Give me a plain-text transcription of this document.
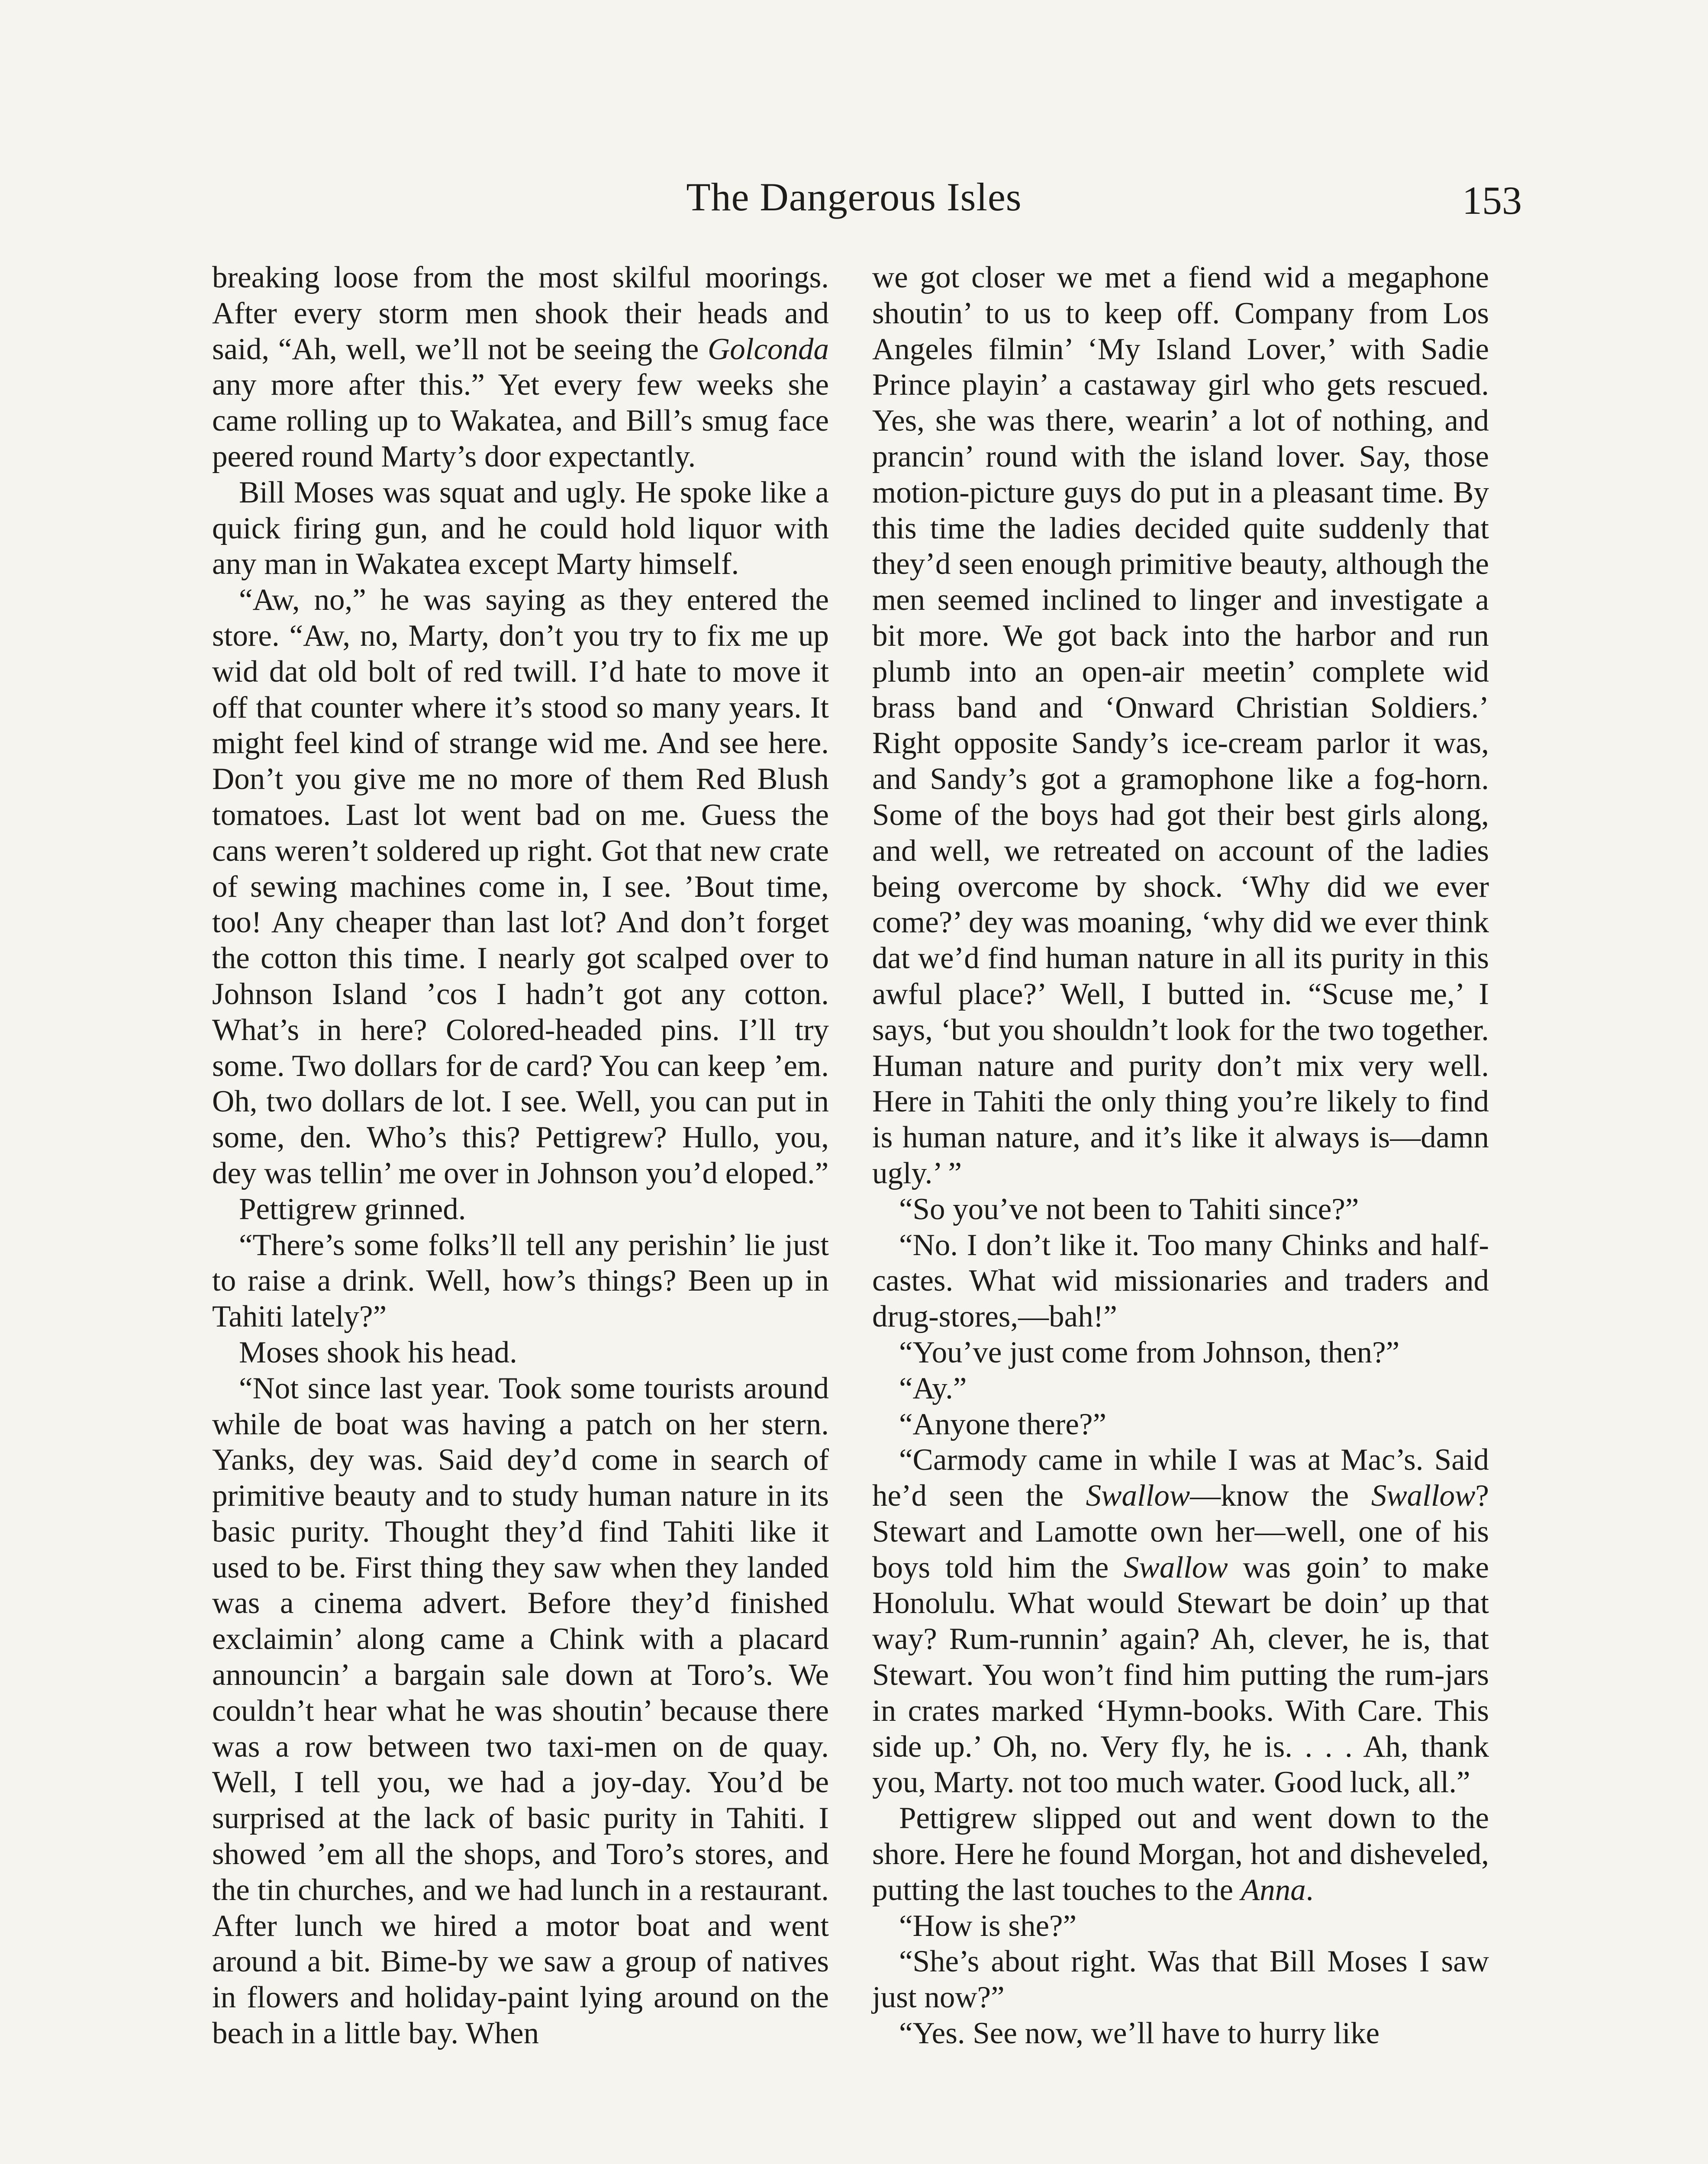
The Dangerous Isles	153

breaking loose from the most skilful moorings. After every storm men shook their heads and said, “Ah, well, we’ll not be seeing the Golconda any more after this.” Yet every few weeks she came rolling up to Wakatea, and Bill’s smug face peered round Marty’s door expectantly.

Bill Moses was squat and ugly. He spoke like a quick firing gun, and he could hold liquor with any man in Wakatea except Marty himself.

“Aw, no,” he was saying as they entered the store. “Aw, no, Marty, don’t you try to fix me up wid dat old bolt of red twill. I’d hate to move it off that counter where it’s stood so many years. It might feel kind of strange wid me. And see here. Don’t you give me no more of them Red Blush tomatoes. Last lot went bad on me. Guess the cans weren’t soldered up right. Got that new crate of sewing machines come in, I see. ’Bout time, too! Any cheaper than last lot? And don’t forget the cotton this time. I nearly got scalped over to Johnson Island ’cos I hadn’t got any cotton. What’s in here? Colored-headed pins. I’ll try some. Two dollars for de card? You can keep ’em. Oh, two dollars de lot. I see. Well, you can put in some, den. Who’s this? Pettigrew? Hullo, you, dey was tellin’ me over in Johnson you’d eloped.”

Pettigrew grinned.

“There’s some folks’ll tell any perishin’ lie just to raise a drink. Well, how’s things? Been up in Tahiti lately?”

Moses shook his head.

“Not since last year. Took some tourists around while de boat was having a patch on her stern. Yanks, dey was. Said dey’d come in search of primitive beauty and to study human nature in its basic purity. Thought they’d find Tahiti like it used to be. First thing they saw when they landed was a cinema advert. Before they’d finished exclaimin’ along came a Chink with a placard announcin’ a bargain sale down at Toro’s. We couldn’t hear what he was shoutin’ because there was a row between two taxi-men on de quay. Well, I tell you, we had a joy-day. You’d be surprised at the lack of basic purity in Tahiti. I showed ’em all the shops, and Toro’s stores, and the tin churches, and we had lunch in a restaurant. After lunch we hired a motor boat and went around a bit. Bime-by we saw a group of natives in flowers and holiday-paint lying around on the beach in a little bay. When

we got closer we met a fiend wid a megaphone shoutin’ to us to keep off. Company from Los Angeles filmin’ ‘My Island Lover,’ with Sadie Prince playin’ a castaway girl who gets rescued. Yes, she was there, wearin’ a lot of nothing, and prancin’ round with the island lover. Say, those motion-picture guys do put in a pleasant time. By this time the ladies decided quite suddenly that they’d seen enough primitive beauty, although the men seemed inclined to linger and investigate a bit more. We got back into the harbor and run plumb into an open-air meetin’ complete wid brass band and ‘Onward Christian Soldiers.’ Right opposite Sandy’s ice-cream parlor it was, and Sandy’s got a gramophone like a fog-horn. Some of the boys had got their best girls along, and well, we retreated on account of the ladies being overcome by shock. ‘Why did we ever come?’ dey was moaning, ‘why did we ever think dat we’d find human nature in all its purity in this awful place?’ Well, I butted in. “Scuse me,’ I says, ‘but you shouldn’t look for the two together. Human nature and purity don’t mix very well. Here in Tahiti the only thing you’re likely to find is human nature, and it’s like it always is—damn ugly.’ ”

“So you’ve not been to Tahiti since?”

“No. I don’t like it. Too many Chinks and half-castes. What wid missionaries and traders and drug-stores,—bah!”

“You’ve just come from Johnson, then?”

“Ay.”

“Anyone there?”

“Carmody came in while I was at Mac’s. Said he’d seen the Swallow—know the Swallow? Stewart and Lamotte own her—well, one of his boys told him the Swallow was goin’ to make Honolulu. What would Stewart be doin’ up that way? Rum-runnin’ again? Ah, clever, he is, that Stewart. You won’t find him putting the rum-jars in crates marked ‘Hymn-books. With Care. This side up.’ Oh, no. Very fly, he is. . . . Ah, thank you, Marty. not too much water. Good luck, all.”

Pettigrew slipped out and went down to the shore. Here he found Morgan, hot and disheveled, putting the last touches to the Anna.

“How is she?”

“She’s about right. Was that Bill Moses I saw just now?”

“Yes. See now, we’ll have to hurry like
